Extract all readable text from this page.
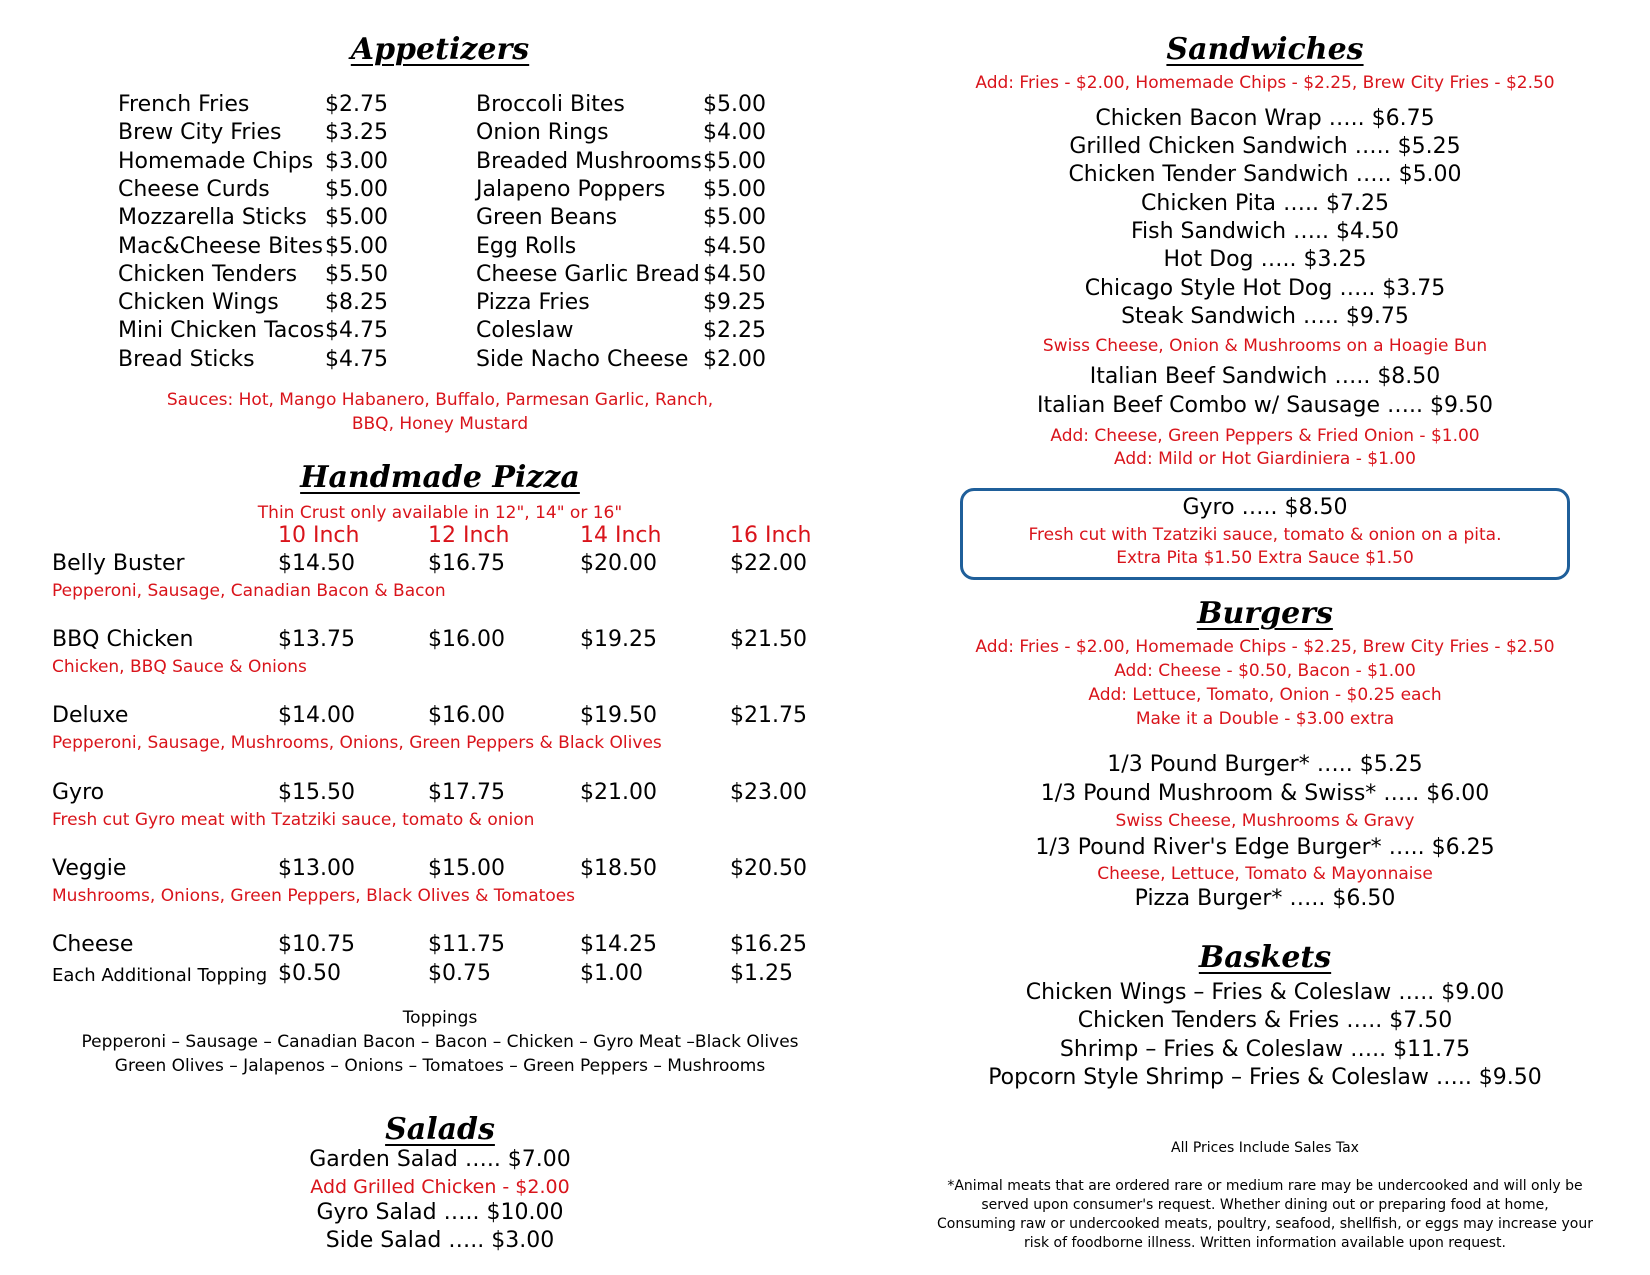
Appetizers
French Fries	$2.75
Brew City Fries $3.25
Homemade Chips $3.00
Cheese Curds	$5.00
Mozzarella Sticks $5.00
Mac&Cheese Bites $5.00
Chicken Tenders $5.50
Chicken Wings $8.25
Mini Chicken Tacos $4.75
Bread Sticks	$4.75
Broccoli Bites	$5.00
Onion Rings	$4.00
Breaded Mushrooms $5.00
Jalapeno Poppers $5.00
Green Beans	$5.00
Egg Rolls	$4.50
Cheese Garlic Bread $4.50
Pizza Fries	$9.25
Coleslaw	$2.25
Side Nacho Cheese $2.00
Sauces: Hot, Mango Habanero, Buffalo, Parmesan Garlic, Ranch,
BBQ, Honey Mustard
Handmade Pizza
Thin Crust only available in 12", 14" or 16"
10 Inch	12 Inch	14 Inch	16 Inch
Belly Buster	$14.50	$16.75	$20.00	$22.00
Pepperoni, Sausage, Canadian Bacon & Bacon
BBQ Chicken	$13.75	$16.00	$19.25	$21.50
Chicken, BBQ Sauce & Onions
Deluxe	$14.00	$16.00	$19.50	$21.75
Pepperoni, Sausage, Mushrooms, Onions, Green Peppers & Black Olives
Gyro	$15.50	$17.75	$21.00	$23.00
Fresh cut Gyro meat with Tzatziki sauce, tomato & onion
Veggie	$13.00	$15.00	$18.50	$20.50
Mushrooms, Onions, Green Peppers, Black Olives & Tomatoes
Cheese	$10.75	$11.75	$14.25	$16.25
Each Additional Topping $0.50	$0.75	$1.00	$1.25
Toppings
Pepperoni – Sausage – Canadian Bacon – Bacon – Chicken – Gyro Meat –Black Olives
Green Olives – Jalapenos – Onions – Tomatoes – Green Peppers – Mushrooms
Salads
Garden Salad ….. $7.00
Add Grilled Chicken - $2.00
Gyro Salad ….. $10.00
Side Salad ….. $3.00
Sandwiches
Add: Fries - $2.00, Homemade Chips - $2.25, Brew City Fries - $2.50
Chicken Bacon Wrap ….. $6.75
Grilled Chicken Sandwich ….. $5.25
Chicken Tender Sandwich ….. $5.00
Chicken Pita ….. $7.25
Fish Sandwich ….. $4.50
Hot Dog ….. $3.25
Chicago Style Hot Dog ….. $3.75
Steak Sandwich ….. $9.75
Swiss Cheese, Onion & Mushrooms on a Hoagie Bun
Italian Beef Sandwich ….. $8.50
Italian Beef Combo w/ Sausage ….. $9.50
Add: Cheese, Green Peppers & Fried Onion - $1.00
Add: Mild or Hot Giardiniera - $1.00
Gyro ….. $8.50
Fresh cut with Tzatziki sauce, tomato & onion on a pita.
Extra Pita $1.50 Extra Sauce $1.50
Burgers
Add: Fries - $2.00, Homemade Chips - $2.25, Brew City Fries - $2.50
Add: Cheese - $0.50, Bacon - $1.00
Add: Lettuce, Tomato, Onion - $0.25 each
Make it a Double - $3.00 extra
1/3 Pound Burger* ….. $5.25
1/3 Pound Mushroom & Swiss* ….. $6.00
Swiss Cheese, Mushrooms & Gravy
1/3 Pound River's Edge Burger* ….. $6.25
Cheese, Lettuce, Tomato & Mayonnaise
Pizza Burger* ….. $6.50
Baskets
Chicken Wings – Fries & Coleslaw ….. $9.00
Chicken Tenders & Fries ….. $7.50
Shrimp – Fries & Coleslaw ….. $11.75
Popcorn Style Shrimp – Fries & Coleslaw ….. $9.50
All Prices Include Sales Tax
*Animal meats that are ordered rare or medium rare may be undercooked and will only be
served upon consumer's request. Whether dining out or preparing food at home,
Consuming raw or undercooked meats, poultry, seafood, shellfish, or eggs may increase your
risk of foodborne illness. Written information available upon request.
